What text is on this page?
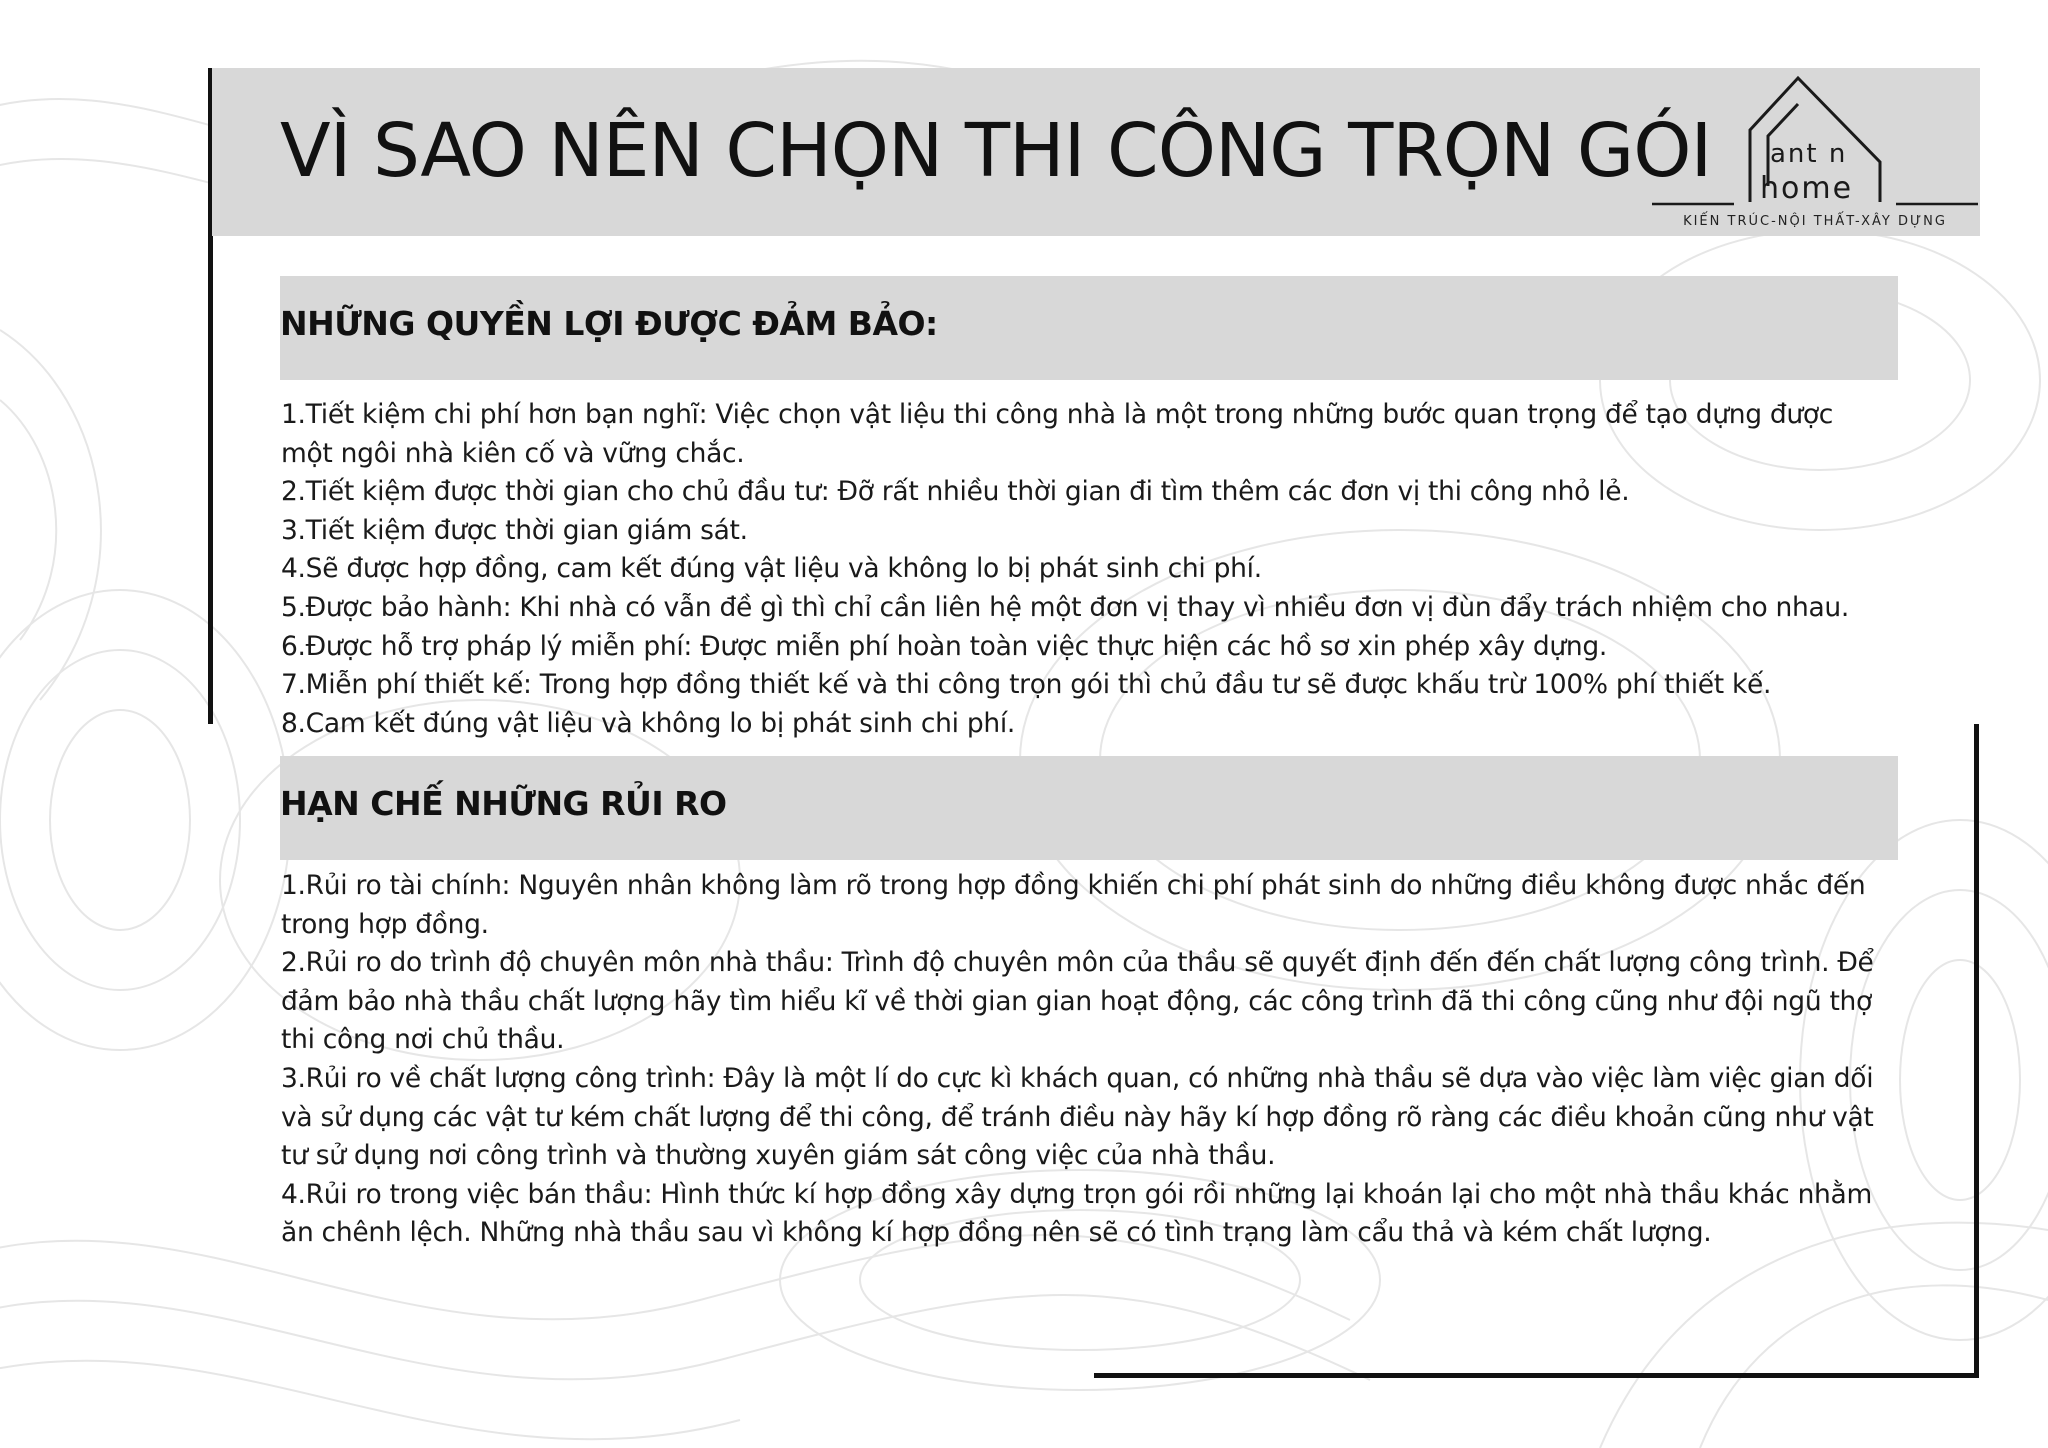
VÌ SAO NÊN CHỌN THI CÔNG TRỌN GÓI ant n
home
KIẾN TRÚC-NỘI THẤT-XÂY DỰNG
NHỮNG QUYỀN LỢI ĐƯỢC ĐẢM BẢO:
1.Tiết kiệm chi phí hơn bạn nghĩ: Việc chọn vật liệu thi công nhà là một trong những bước quan trọng để tạo dựng được một ngôi nhà kiên cố và vững chắc.
2.Tiết kiệm được thời gian cho chủ đầu tư: Đỡ rất nhiều thời gian đi tìm thêm các đơn vị thi công nhỏ lẻ.
3.Tiết kiệm được thời gian giám sát.
4.Sẽ được hợp đồng, cam kết đúng vật liệu và không lo bị phát sinh chi phí.
5.Được bảo hành: Khi nhà có vẫn đề gì thì chỉ cần liên hệ một đơn vị thay vì nhiều đơn vị đùn đẩy trách nhiệm cho nhau.
6.Được hỗ trợ pháp lý miễn phí: Được miễn phí hoàn toàn việc thực hiện các hồ sơ xin phép xây dựng.
7.Miễn phí thiết kế: Trong hợp đồng thiết kế và thi công trọn gói thì chủ đầu tư sẽ được khấu trừ 100% phí thiết kế.
8.Cam kết đúng vật liệu và không lo bị phát sinh chi phí.
HẠN CHẾ NHỮNG RỦI RO
1.Rủi ro tài chính: Nguyên nhân không làm rõ trong hợp đồng khiến chi phí phát sinh do những điều không được nhắc đến trong hợp đồng.
2.Rủi ro do trình độ chuyên môn nhà thầu: Trình độ chuyên môn của thầu sẽ quyết định đến đến chất lượng công trình. Để đảm bảo nhà thầu chất lượng hãy tìm hiểu kĩ về thời gian gian hoạt động, các công trình đã thi công cũng như đội ngũ thợ thi công nơi chủ thầu.
3.Rủi ro về chất lượng công trình: Đây là một lí do cực kì khách quan, có những nhà thầu sẽ dựa vào việc làm việc gian dối và sử dụng các vật tư kém chất lượng để thi công, để tránh điều này hãy kí hợp đồng rõ ràng các điều khoản cũng như vật tư sử dụng nơi công trình và thường xuyên giám sát công việc của nhà thầu.
4.Rủi ro trong việc bán thầu: Hình thức kí hợp đồng xây dựng trọn gói rồi những lại khoán lại cho một nhà thầu khác nhằm ăn chênh lệch. Những nhà thầu sau vì không kí hợp đồng nên sẽ có tình trạng làm cẩu thả và kém chất lượng.
